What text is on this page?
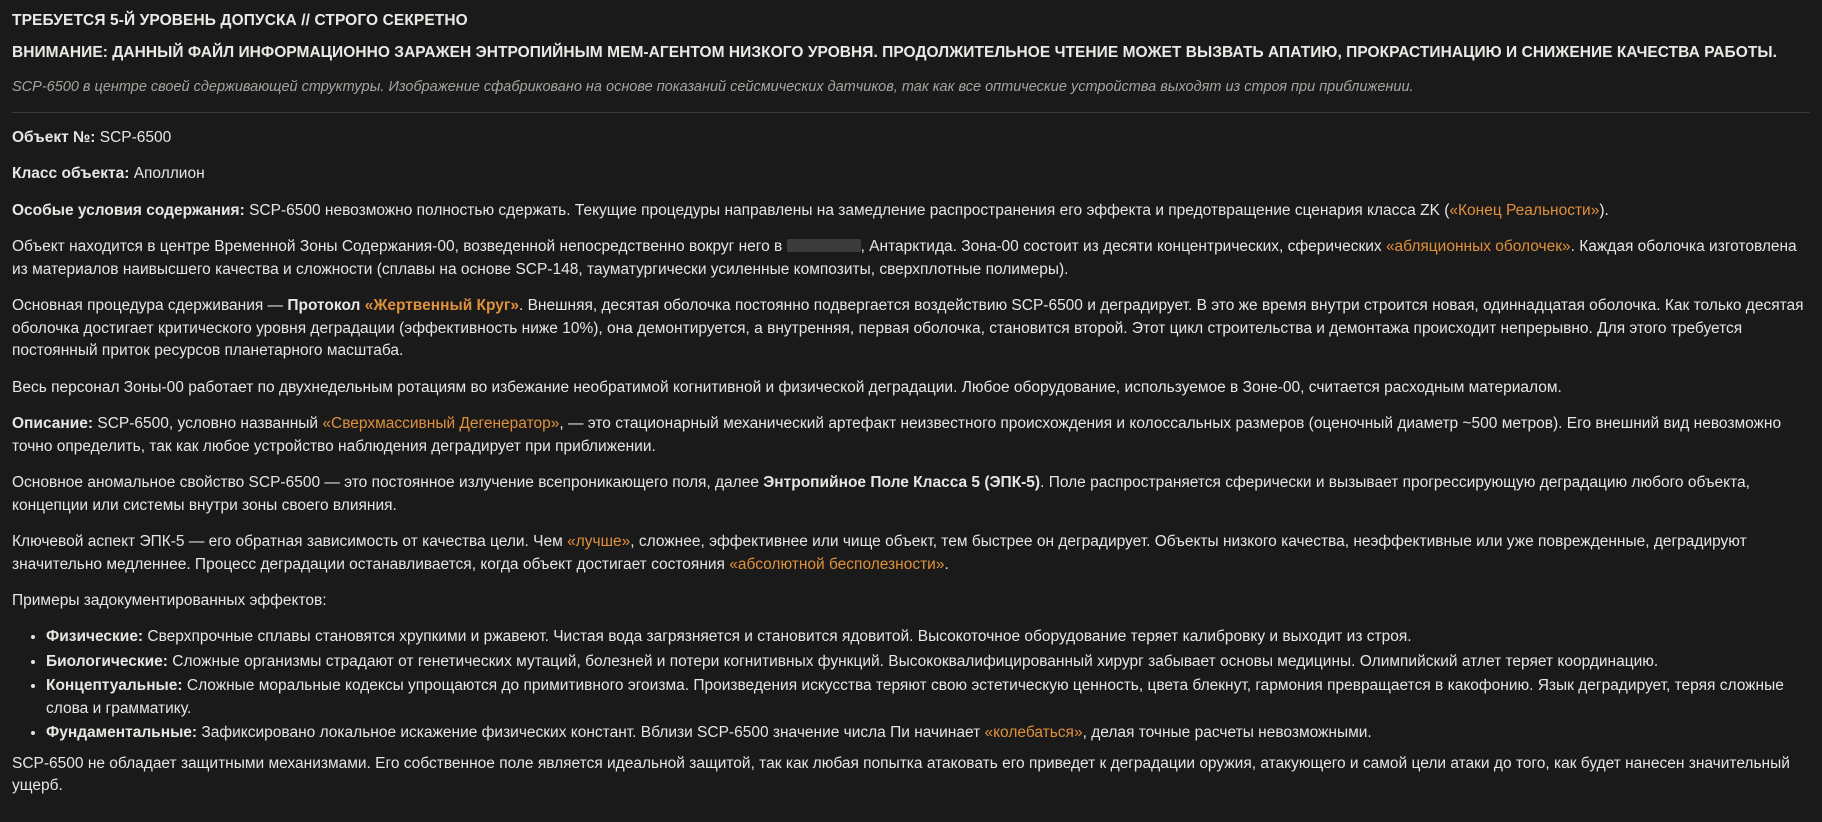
ТРЕБУЕТСЯ 5-Й УРОВЕНЬ ДОПУСКА // СТРОГО СЕКРЕТНО
ВНИМАНИЕ: ДАННЫЙ ФАЙЛ ИНФОРМАЦИОННО ЗАРАЖЕН ЭНТРОПИЙНЫМ МЕМ-АГЕНТОМ НИЗКОГО УРОВНЯ. ПРОДОЛЖИТЕЛЬНОЕ ЧТЕНИЕ МОЖЕТ ВЫЗВАТЬ АПАТИЮ, ПРОКРАСТИНАЦИЮ И СНИЖЕНИЕ КАЧЕСТВА РАБОТЫ.
SCP-6500 в центре своей сдерживающей структуры. Изображение сфабриковано на основе показаний сейсмических датчиков, так как все оптические устройства выходят из строя при приближении.

Объект №: SCP-6500

Класс объекта: Аполлион

Особые условия содержания: SCP-6500 невозможно полностью сдержать. Текущие процедуры направлены на замедление распространения его эффекта и предотвращение сценария класса ZK («Конец Реальности»).

Объект находится в центре Временной Зоны Содержания-00, возведенной непосредственно вокруг него в	, Антарктида. Зона-00 состоит из десяти концентрических, сферических «абляционных оболочек». Каждая оболочка изготовлена из материалов наивысшего качества и сложности (сплавы на основе SCP-148, тауматургически усиленные композиты, сверхплотные полимеры).

Основная процедура сдерживания — Протокол «Жертвенный Круг». Внешняя, десятая оболочка постоянно подвергается воздействию SCP-6500 и деградирует. В это же время внутри строится новая, одиннадцатая оболочка. Как только десятая оболочка достигает критического уровня деградации (эффективность ниже 10%), она демонтируется, а внутренняя, первая оболочка, становится второй. Этот цикл строительства и демонтажа происходит непрерывно. Для этого требуется постоянный приток ресурсов планетарного масштаба.

Весь персонал Зоны-00 работает по двухнедельным ротациям во избежание необратимой когнитивной и физической деградации. Любое оборудование, используемое в Зоне-00, считается расходным материалом.

Описание: SCP-6500, условно названный «Сверхмассивный Дегенератор», — это стационарный механический артефакт неизвестного происхождения и колоссальных размеров (оценочный диаметр ~500 метров). Его внешний вид невозможно точно определить, так как любое устройство наблюдения деградирует при приближении.

Основное аномальное свойство SCP-6500 — это постоянное излучение всепроникающего поля, далее Энтропийное Поле Класса 5 (ЭПК-5). Поле распространяется сферически и вызывает прогрессирующую деградацию любого объекта, концепции или системы внутри зоны своего влияния.

Ключевой аспект ЭПК-5 — его обратная зависимость от качества цели. Чем «лучше», сложнее, эффективнее или чище объект, тем быстрее он деградирует. Объекты низкого качества, неэффективные или уже поврежденные, деградируют значительно медленнее. Процесс деградации останавливается, когда объект достигает состояния «абсолютной бесполезности».

Примеры задокументированных эффектов:

• Физические: Сверхпрочные сплавы становятся хрупкими и ржавеют. Чистая вода загрязняется и становится ядовитой. Высокоточное оборудование теряет калибровку и выходит из строя.
• Биологические: Сложные организмы страдают от генетических мутаций, болезней и потери когнитивных функций. Высококвалифицированный хирург забывает основы медицины. Олимпийский атлет теряет координацию.
• Концептуальные: Сложные моральные кодексы упрощаются до примитивного эгоизма. Произведения искусства теряют свою эстетическую ценность, цвета блекнут, гармония превращается в какофонию. Язык деградирует, теряя сложные слова и грамматику.
• Фундаментальные: Зафиксировано локальное искажение физических констант. Вблизи SCP-6500 значение числа Пи начинает «колебаться», делая точные расчеты невозможными.

SCP-6500 не обладает защитными механизмами. Его собственное поле является идеальной защитой, так как любая попытка атаковать его приведет к деградации оружия, атакующего и самой цели атаки до того, как будет нанесен значительный ущерб.
